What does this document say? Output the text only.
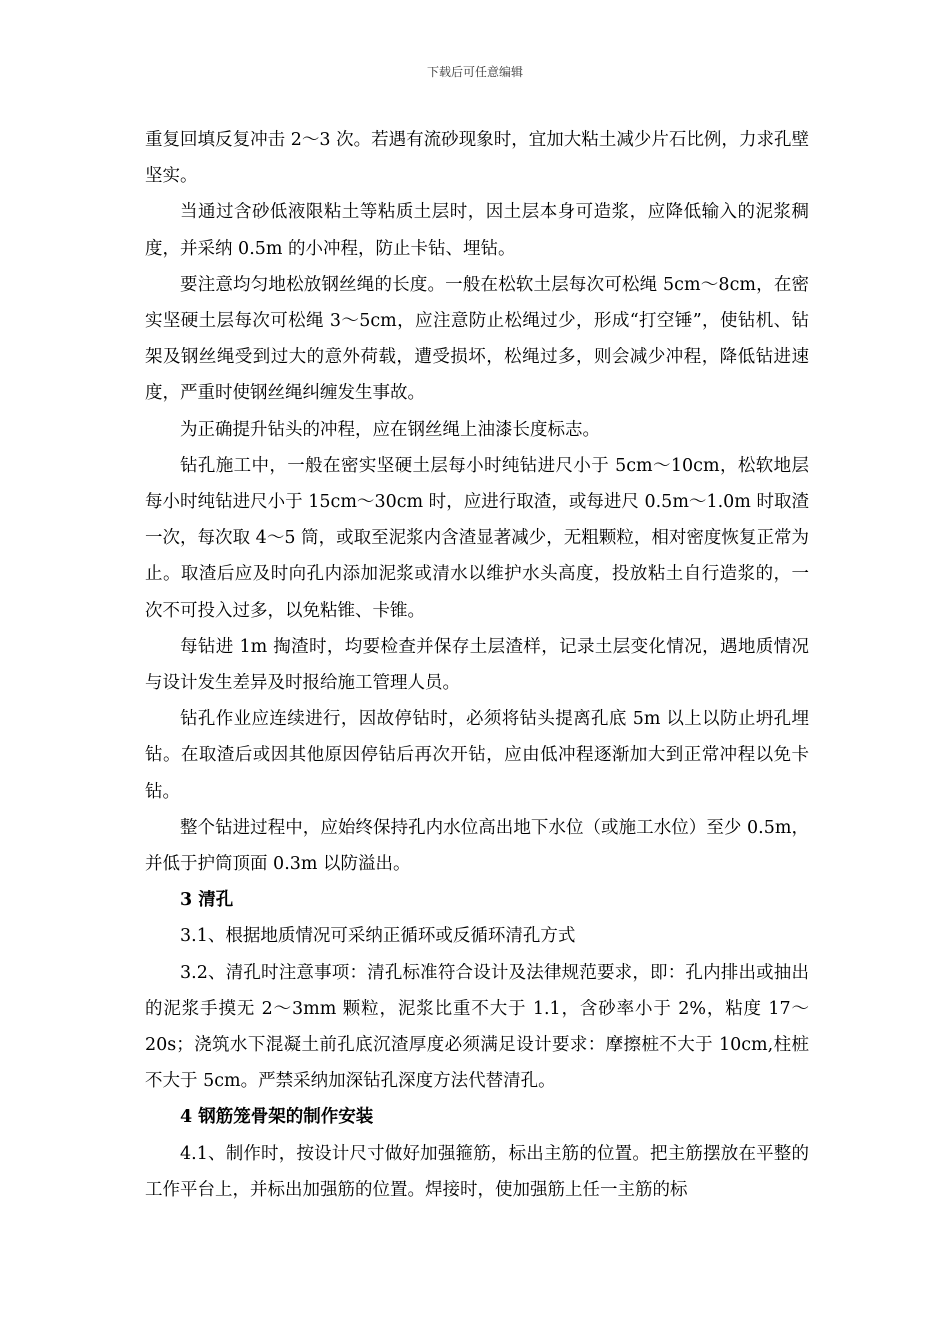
下载后可任意编辑

重复回填反复冲击 2～3 次。若遇有流砂现象时，宜加大粘土减少片石比例，力求孔壁坚实。

当通过含砂低液限粘土等粘质土层时，因土层本身可造浆，应降低输入的泥浆稠度，并采纳 0.5m 的小冲程，防止卡钻、埋钻。

要注意均匀地松放钢丝绳的长度。一般在松软土层每次可松绳 5cm～8cm，在密实坚硬土层每次可松绳 3～5cm，应注意防止松绳过少，形成“打空锤”，使钻机、钻架及钢丝绳受到过大的意外荷载，遭受损坏，松绳过多，则会减少冲程，降低钻进速度，严重时使钢丝绳纠缠发生事故。

为正确提升钻头的冲程，应在钢丝绳上油漆长度标志。

钻孔施工中，一般在密实坚硬土层每小时纯钻进尺小于 5cm～10cm，松软地层每小时纯钻进尺小于 15cm～30cm 时，应进行取渣，或每进尺 0.5m～1.0m 时取渣一次，每次取 4～5 筒，或取至泥浆内含渣显著减少，无粗颗粒，相对密度恢复正常为止。取渣后应及时向孔内添加泥浆或清水以维护水头高度，投放粘土自行造浆的，一次不可投入过多，以免粘锥、卡锥。

每钻进 1m 掏渣时，均要检查并保存土层渣样，记录土层变化情况，遇地质情况与设计发生差异及时报给施工管理人员。

钻孔作业应连续进行，因故停钻时，必须将钻头提离孔底 5m 以上以防止坍孔埋钻。在取渣后或因其他原因停钻后再次开钻，应由低冲程逐渐加大到正常冲程以免卡钻。

整个钻进过程中，应始终保持孔内水位高出地下水位（或施工水位）至少 0.5m，并低于护筒顶面 0.3m 以防溢出。

3 清孔

3.1、根据地质情况可采纳正循环或反循环清孔方式

3.2、清孔时注意事项：清孔标准符合设计及法律规范要求，即：孔内排出或抽出的泥浆手摸无 2～3mm 颗粒，泥浆比重不大于 1.1，含砂率小于 2%，粘度 17～20s；浇筑水下混凝土前孔底沉渣厚度必须满足设计要求：摩擦桩不大于 10cm,柱桩不大于 5cm。严禁采纳加深钻孔深度方法代替清孔。

4 钢筋笼骨架的制作安装

4.1、制作时，按设计尺寸做好加强箍筋，标出主筋的位置。把主筋摆放在平整的工作平台上，并标出加强筋的位置。焊接时，使加强筋上任一主筋的标
